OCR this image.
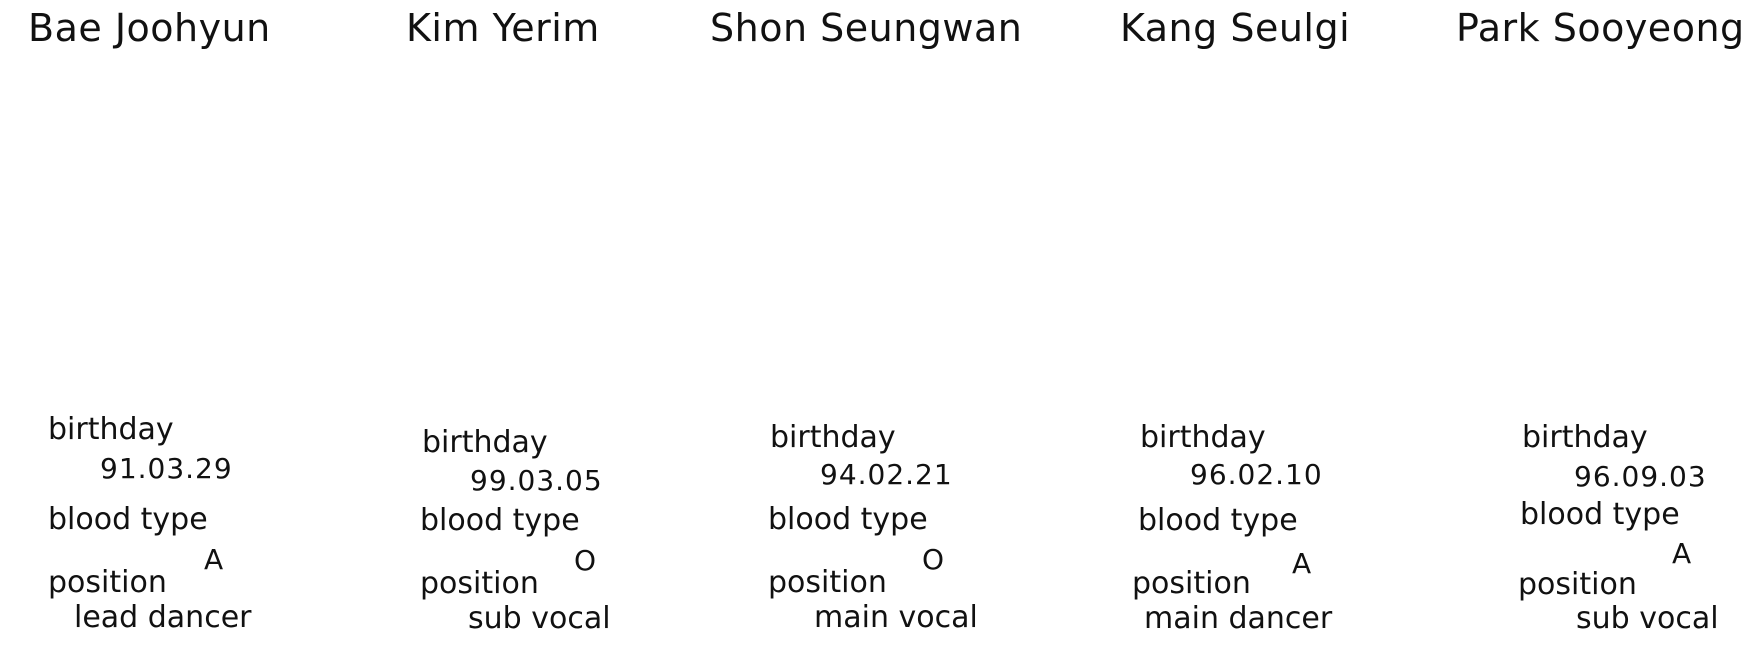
Bae Joohyun
birthday
91.03.29
blood type
A
position
lead dancer
Kim Yerim
birthday
99.03.05
blood type
O
position
sub vocal
Shon Seungwan
birthday
94.02.21
blood type
O
position
main vocal
Kang Seulgi
birthday
96.02.10
blood type
A
position
main dancer
Park Sooyeong
birthday
96.09.03
blood type
A
position
sub vocal
